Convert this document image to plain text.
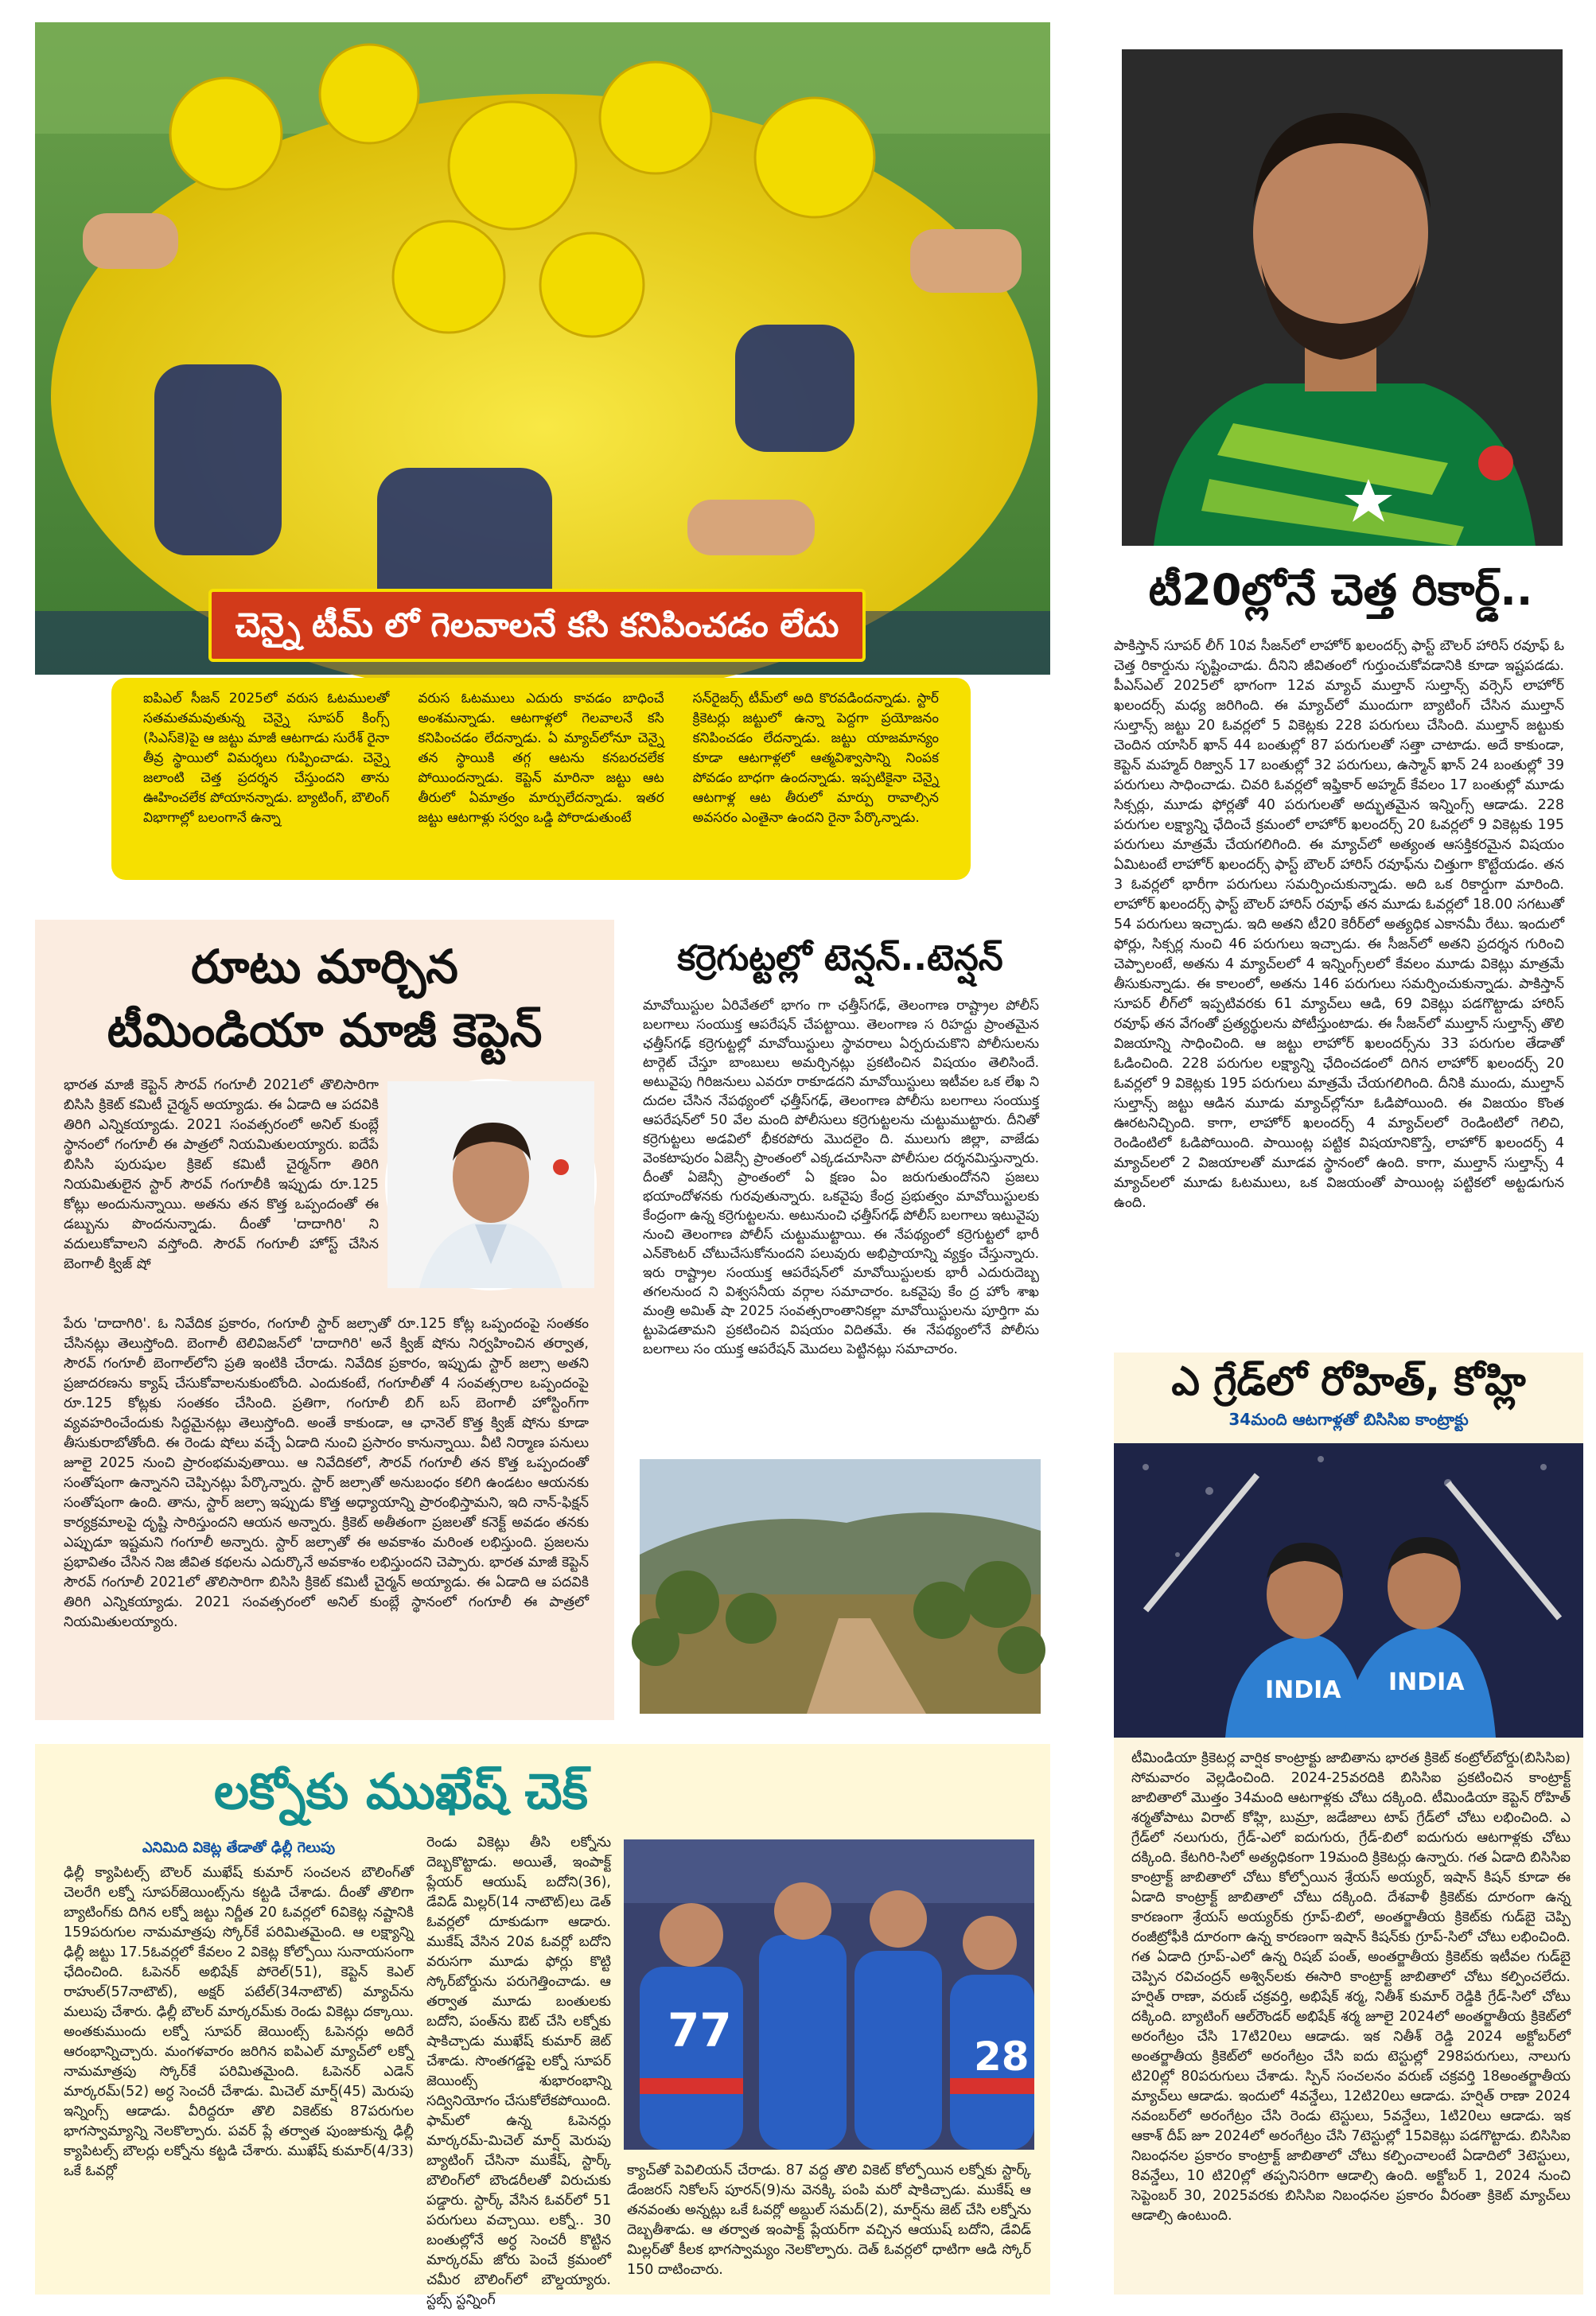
చెన్నై టీమ్ లో గెలవాలనే కసి కనిపించడం లేదు
ఐపిఎల్ సీజన్ 2025లో వరుస ఓటములతో సతమతమవుతున్న చెన్నై సూపర్ కింగ్స్ (సిఎస్‌కె)పై ఆ జట్టు మాజీ ఆటగాడు సురేశ్ రైనా తీవ్ర స్థాయిలో విమర్శలు గుప్పించాడు. చెన్నై జలాంటి చెత్త ప్రదర్శన చేస్తుందని తాను ఊహించలేక పోయానన్నాడు. బ్యాటింగ్, బౌలింగ్ విభాగాల్లో బలంగానే ఉన్నా
వరుస ఓటములు ఎదురు కావడం బాధించే అంశమన్నాడు. ఆటగాళ్లలో గెలవాలనే కసి కనిపించడం లేదన్నాడు. ఏ మ్యాచ్‌లోనూ చెన్నై తన స్థాయికి తగ్గ ఆటను కనబరచలేక పోయిందన్నాడు. కెప్టెన్ మారినా జట్టు ఆట తీరులో ఏమాత్రం మార్పులేదన్నాడు. ఇతర జట్టు ఆటగాళ్లు సర్వం ఒడ్డి పోరాడుతుంటే
సన్‌రైజర్స్ టీమ్‌లో అది కొరవడిందన్నాడు. స్టార్ క్రికెటర్లు జట్టులో ఉన్నా పెద్దగా ప్రయోజనం కనిపించడం లేదన్నాడు. జట్టు యాజమాన్యం కూడా ఆటగాళ్లలో ఆత్మవిశ్వాసాన్ని నింపక పోవడం బాధగా ఉందన్నాడు. ఇప్పటికైనా చెన్నై ఆటగాళ్ల ఆట తీరులో మార్పు రావాల్సిన అవసరం ఎంతైనా ఉందని రైనా పేర్కొన్నాడు.
రూటు మార్చిన
టీమిండియా మాజీ కెప్టెన్
భారత మాజీ కెప్టెన్ సౌరవ్ గంగూలీ 2021లో తొలిసారిగా బిసిసి క్రికెట్ కమిటీ చైర్మన్ అయ్యాడు. ఈ ఏడాది ఆ పదవికి తిరిగి ఎన్నికయ్యాడు. 2021 సంవత్సరంలో అనిల్ కుంబ్లే స్థానంలో గంగూలీ ఈ పాత్రలో నియమితులయ్యారు. ఐదేపే బిసిసి పురుషుల క్రికెట్ కమిటీ చైర్మన్‌గా తిరిగి నియమితులైన స్టార్ సౌరవ్ గంగూలీకి ఇప్పుడు రూ.125 కోట్లు అందునున్నాయి. అతను తన కొత్త ఒప్పందంతో ఈ డబ్బును పొందనున్నాడు. దీంతో 'దాదాగిరి' ని వదులుకోవాలని వస్తోంది. సౌరవ్ గంగూలీ హోస్ట్ చేసిన బెంగాలీ క్విజ్ షో
పేరు 'దాదాగిరి'. ఓ నివేదిక ప్రకారం, గంగూలీ స్టార్ జల్సాతో రూ.125 కోట్ల ఒప్పందంపై సంతకం చేసినట్లు తెలుస్తోంది. బెంగాలీ టెలివిజన్‌లో 'దాదాగిరి' అనే క్విజ్ షోను నిర్వహించిన తర్వాత, సౌరవ్ గంగూలీ బెంగాల్‌లోని ప్రతి ఇంటికి చేరాడు. నివేదిక ప్రకారం, ఇప్పుడు స్టార్ జల్సా అతని ప్రజాదరణను క్యాష్ చేసుకోవాలనుకుంటోంది. ఎందుకంటే, గంగూలీతో 4 సంవత్సరాల ఒప్పందంపై రూ.125 కోట్లకు సంతకం చేసింది. ప్రతిగా, గంగూలీ బిగ్ బస్ బెంగాలీ హోస్టింగ్‌గా వ్యవహరించేందుకు సిద్ధమైనట్లు తెలుస్తోంది. అంతే కాకుండా, ఆ ఛానెల్ కొత్త క్విజ్ షోను కూడా తీసుకురాబోతోంది. ఈ రెండు షోలు వచ్చే ఏడాది నుంచి ప్రసారం కానున్నాయి. వీటి నిర్మాణ పనులు జూలై 2025 నుంచి ప్రారంభమవుతాయి. ఆ నివేదికలో, సౌరవ్ గంగూలీ తన కొత్త ఒప్పందంతో సంతోషంగా ఉన్నానని చెప్పినట్లు పేర్కొన్నారు. స్టార్ జల్సాతో అనుబంధం కలిగి ఉండటం ఆయనకు సంతోషంగా ఉంది. తాను, స్టార్ జల్సా ఇప్పుడు కొత్త అధ్యాయాన్ని ప్రారంభిస్తామని, ఇది నాన్-ఫిక్షన్ కార్యక్రమాలపై దృష్టి సారిస్తుందని ఆయన అన్నారు. క్రికెట్ అతీతంగా ప్రజలతో కనెక్ట్ అవడం తనకు ఎప్పుడూ ఇష్టమని గంగూలీ అన్నారు. స్టార్ జల్సాతో ఈ అవకాశం మరింత లభిస్తుంది. ప్రజలను ప్రభావితం చేసిన నిజ జీవిత కథలను ఎదుర్కొనే అవకాశం లభిస్తుందని చెప్పారు. భారత మాజీ కెప్టెన్ సౌరవ్ గంగూలీ 2021లో తొలిసారిగా బిసిసి క్రికెట్ కమిటీ చైర్మన్ అయ్యాడు. ఈ ఏడాది ఆ పదవికి తిరిగి ఎన్నికయ్యాడు. 2021 సంవత్సరంలో అనిల్ కుంబ్లే స్థానంలో గంగూలీ ఈ పాత్రలో నియమితులయ్యారు.
కర్రెగుట్టల్లో టెన్షన్..టెన్షన్
మావోయిస్టుల ఏరివేతలో భాగం గా ఛత్తీస్‌గఢ్, తెలంగాణ రాష్ట్రాల పోలీస్ బలగాలు సంయుక్త ఆపరేషన్ చేపట్టాయి. తెలంగాణ స రిహద్దు ప్రాంతమైన ఛత్తీస్‌గఢ్ కర్రెగుట్టల్లో మావోయిస్టులు స్థావరాలు ఏర్పరుచుకొని పోలీసులను టార్గెట్ చేస్తూ బాంబులు అమర్చినట్లు ప్రకటించిన విషయం తెలిసిందే. అటువైపు గిరిజనులు ఎవరూ రాకూడదని మావోయిస్టులు ఇటీవల ఒక లేఖ ని దుదల చేసిన నేపథ్యంలో ఛత్తీస్‌గఢ్, తెలంగాణ పోలీసు బలగాలు సంయుక్త ఆపరేషన్‌లో 50 వేల మంది పోలీసులు కర్రెగుట్టలను చుట్టుముట్టారు. దీనితో కర్రెగుట్టలు అడవిలో భీకరపోరు మొదలైం ది. ములుగు జిల్లా, వాజేడు వెంకటాపురం ఏజెన్సీ ప్రాంతంలో ఎక్కడచూసినా పోలీసుల దర్శనమిస్తున్నారు. దీంతో ఏజెన్సీ ప్రాంతంలో ఏ క్షణం ఏం జరుగుతుందోనని ప్రజలు భయాందోళనకు గురవుతున్నారు. ఒకవైపు కేంద్ర ప్రభుత్వం మావోయిస్టులకు కేంద్రంగా ఉన్న కర్రెగుట్టలను. అటునుంచి ఛత్తీస్‌గఢ్ పోలీస్ బలగాలు ఇటువైపు నుంచి తెలంగాణ పోలీస్ చుట్టుముట్టాయి. ఈ నేపథ్యంలో కర్రెగుట్టలో భారీ ఎన్‌కౌంటర్ చోటుచేసుకోనుందని పలువురు అభిప్రాయాన్ని వ్యక్తం చేస్తున్నారు. ఇరు రాష్ట్రాల సంయుక్త ఆపరేషన్‌లో మావోయిస్టులకు భారీ ఎదురుదెబ్బ తగలనుంద ని విశ్వసనీయ వర్గాల సమాచారం. ఒకవైపు కేం ద్ర హోం శాఖ మంత్రి అమిత్ షా 2025 సంవత్సరాంతానికల్లా మావోయిస్టులను పూర్తిగా మ ట్టుపెడతామని ప్రకటించిన విషయం విదితమే. ఈ నేపథ్యంలోనే పోలీసు బలగాలు సం యుక్త ఆపరేషన్ మొదలు పెట్టినట్లు సమాచారం.
లక్నోకు ముఖేష్ చెక్
ఎనిమిది వికెట్ల తేడాతో ఢిల్లీ గెలుపు
ఢిల్లీ క్యాపిటల్స్ బౌలర్ ముఖేష్ కుమార్ సంచలన బౌలింగ్‌తో చెలరేగి లక్నో సూపర్‌జెయింట్స్‌ను కట్టడి చేశాడు. దీంతో తొలిగా బ్యాటింగ్‌కు దిగిన లక్నో జట్టు నిర్ణీత 20 ఓవర్లలో 6వికెట్ల నష్టానికి 159పరుగుల నామమాత్రపు స్కోర్‌కే పరిమితమైంది. ఆ లక్ష్యాన్ని ఢిల్లీ జట్టు 17.5ఓవర్లలో కేవలం 2 వికెట్ల కోల్పోయి సునాయసంగా ఛేదించింది. ఓపెనర్ అభిషేక్ పోరెల్(51), కెప్టెన్ కెఎల్ రాహుల్(57నాటౌట్), అక్షర్ పటేల్(34నాటౌట్) మ్యాచ్‌ను మలుపు చేశారు. ఢిల్లీ బౌలర్ మార్కరమ్‌కు రెండు వికెట్లు దక్కాయి. అంతకుముందు లక్నో సూపర్ జెయింట్స్ ఓపెనర్లు అదిరే ఆరంభాన్నిచ్చారు. మంగళవారం జరిగిన ఐపిఎల్ మ్యాచ్‌లో లక్నో నామమాత్రపు స్కోర్‌కే పరిమితమైంది. ఓపెనర్ ఎడెన్ మార్కరమ్(52) అర్ధ సెంచరీ చేశాడు. మిచెల్ మార్ష్(45) మెరుపు ఇన్నింగ్స్ ఆడాడు. వీరిద్దరూ తొలి వికెట్‌కు 87పరుగుల భాగస్వామ్యాన్ని నెలకొల్పారు. పవర్ ప్లే తర్వాత పుంజుకున్న ఢిల్లీ క్యాపిటల్స్ బౌలర్లు లక్నోను కట్టడి చేశారు. ముఖేష్ కుమార్(4/33) ఒకే ఓవర్లో
రెండు వికెట్లు తీసి లక్నోను దెబ్బకొట్టాడు. అయితే, ఇంపాక్ట్ ప్లేయర్ ఆయుష్ బదోని(36), డేవిడ్ మిల్లర్(14 నాటౌట్)లు డెత్ ఓవర్లలో దూకుడుగా ఆడారు. ముకేష్ వేసిన 20వ ఓవర్లో బదోని వరుసగా మూడు ఫోర్లు కొట్టి స్కోర్‌బోర్డును పరుగెత్తించాడు. ఆ తర్వాత మూడు బంతులకు బదోని, పంత్‌ను ఔట్ చేసి లక్నోకు షాకిచ్చాడు ముఖేష్ కుమార్ జెట్ చేశాడు. సొంతగడ్డపై లక్నో సూపర్ జెయింట్స్ శుభారంభాన్ని సద్వినియోగం చేసుకోలేకపోయింది. ఫామ్‌లో ఉన్న ఓపెనర్లు మార్కరమ్-మిచెల్ మార్ష్ మెరుపు బ్యాటింగ్ చేసినా ముకేష్, స్టార్క్ బౌలింగ్‌లో బౌండరీలతో విరుచుకు పడ్డారు. స్టార్క్ వేసిన ఓవర్‌లో 51 పరుగులు వచ్చాయి. లక్నో.. 30 బంతుల్లోనే అర్ధ సెంచరీ కొట్టిన మార్కరమ్ జోరు పెంచే క్రమంలో చమీర బౌలింగ్‌లో బౌల్డయ్యారు. స్టబ్స్ స్టన్నింగ్
77	28
క్యాచ్‌తో పెవిలియన్ చేరాడు. 87 వద్ద తొలి వికెట్ కోల్పోయిన లక్నోకు స్టార్క్ డేంజరస్ నికోలస్ పూరన్(9)ను వెనక్కి పంపి మరో షాకిచ్చాడు. ముకేష్ ఆ తనవంతు అన్నట్లు ఒకే ఓవర్లో అబ్దుల్ సమద్(2), మార్ష్‌ను జెట్ చేసి లక్నోను దెబ్బతీశాడు. ఆ తర్వాత ఇంపాక్ట్ ప్లేయర్‌గా వచ్చిన ఆయుష్ బదోని, డేవిడ్ మిల్లర్‌తో కీలక భాగస్వామ్యం నెలకొల్పారు. దెత్ ఓవర్లలో ధాటిగా ఆడి స్కోర్ 150 దాటించారు.
టీ20ల్లోనే చెత్త రికార్డ్..
పాకిస్తాన్ సూపర్ లీగ్ 10వ సీజన్‌లో లాహోర్ ఖలందర్స్ ఫాస్ట్ బౌలర్ హారిస్ రవూఫ్ ఓ చెత్త రికార్డును సృష్టించాడు. దీనిని జీవితంలో గుర్తుంచుకోవడానికి కూడా ఇష్టపడడు. పీఎస్ఎల్ 2025లో భాగంగా 12వ మ్యాచ్ ముల్తాన్ సుల్తాన్స్ వర్సెస్ లాహోర్ ఖలందర్స్ మధ్య జరిగింది. ఈ మ్యాచ్‌లో ముందుగా బ్యాటింగ్ చేసిన ముల్తాన్ సుల్తాన్స్ జట్టు 20 ఓవర్లలో 5 వికెట్లకు 228 పరుగులు చేసింది. ముల్తాన్ జట్టుకు చెందిన యాసిర్ ఖాన్ 44 బంతుల్లో 87 పరుగులతో సత్తా చాటాడు. అదే కాకుండా, కెప్టెన్ మహ్మద్ రిజ్వాన్ 17 బంతుల్లో 32 పరుగులు, ఉస్మాన్ ఖాన్ 24 బంతుల్లో 39 పరుగులు సాధించాడు. చివరి ఓవర్లలో ఇఫ్తికార్ అహ్మద్ కేవలం 17 బంతుల్లో మూడు సిక్సర్లు, మూడు ఫోర్లతో 40 పరుగులతో అద్భుతమైన ఇన్నింగ్స్ ఆడాడు. 228 పరుగుల లక్ష్యాన్ని ఛేదించే క్రమంలో లాహోర్ ఖలందర్స్ 20 ఓవర్లలో 9 వికెట్లకు 195 పరుగులు మాత్రమే చేయగలిగింది. ఈ మ్యాచ్‌లో అత్యంత ఆసక్తికరమైన విషయం ఏమిటంటే లాహోర్ ఖలందర్స్ ఫాస్ట్ బౌలర్ హారిస్ రవూఫ్‌ను చిత్తుగా కొట్టేయడం. తన 3 ఓవర్లలో భారీగా పరుగులు సమర్పించుకున్నాడు. అది ఒక రికార్డుగా మారింది. లాహోర్ ఖలందర్స్ ఫాస్ట్ బౌలర్ హారిస్ రవూఫ్ తన మూడు ఓవర్లలో 18.00 సగటుతో 54 పరుగులు ఇచ్చాడు. ఇది అతని టీ20 కెరీర్‌లో అత్యధిక ఎకానమీ రేటు. ఇందులో ఫోర్లు, సిక్సర్ల నుంచి 46 పరుగులు ఇచ్చాడు. ఈ సీజన్‌లో అతని ప్రదర్శన గురించి చెప్పాలంటే, అతను 4 మ్యాచ్‌లలో 4 ఇన్నింగ్స్‌లలో కేవలం మూడు వికెట్లు మాత్రమే తీసుకున్నాడు. ఈ కాలంలో, అతను 146 పరుగులు సమర్పించుకున్నాడు. పాకిస్తాన్ సూపర్ లీగ్‌లో ఇప్పటివరకు 61 మ్యాచ్‌లు ఆడి, 69 వికెట్లు పడగొట్టాడు హారిస్ రవూఫ్ తన వేగంతో ప్రత్యర్థులను పోటీస్తుంటాడు. ఈ సీజన్‌లో ముల్తాన్ సుల్తాన్స్ తొలి విజయాన్ని సాధించింది. ఆ జట్టు లాహోర్ ఖలందర్స్‌ను 33 పరుగుల తేడాతో ఓడించింది. 228 పరుగుల లక్ష్యాన్ని ఛేదించడంలో దిగిన లాహోర్ ఖలందర్స్ 20 ఓవర్లలో 9 వికెట్లకు 195 పరుగులు మాత్రమే చేయగలిగింది. దీనికి ముందు, ముల్తాన్ సుల్తాన్స్ జట్టు ఆడిన మూడు మ్యాచ్‌ల్లోనూ ఓడిపోయింది. ఈ విజయం కొంత ఊరటనిచ్చింది. కాగా, లాహోర్ ఖలందర్స్ 4 మ్యాచ్‌లలో రెండింటిలో గెలిచి, రెండింటిలో ఓడిపోయింది. పాయింట్ల పట్టిక విషయానికొస్తే, లాహోర్ ఖలందర్స్ 4 మ్యాచ్‌లలో 2 విజయాలతో మూడవ స్థానంలో ఉంది. కాగా, ముల్తాన్ సుల్తాన్స్ 4 మ్యాచ్‌లలో మూడు ఓటములు, ఒక విజయంతో పాయింట్ల పట్టికలో అట్టడుగున ఉంది.
ఎ గ్రేడ్‌లో రోహిత్, కోహ్లి
34మంది ఆటగాళ్లతో బిసిసిఐ కాంట్రాక్టు
INDIA INDIA
టీమిండియా క్రికెటర్ల వార్షిక కాంట్రాక్టు జాబితాను భారత క్రికెట్ కంట్రోల్‌బోర్డు(బిసిసిఐ) సోమవారం వెల్లడించింది. 2024-25వరదికి బిసిసిఐ ప్రకటించిన కాంట్రాక్ట్ జాబితాలో మొత్తం 34మంది ఆటగాళ్లకు చోటు దక్కింది. టీమిండియా కెప్టెన్ రోహిత్ శర్మతోపాటు విరాట్ కోహ్లి, బుమ్రా, జడేజాలు టాప్ గ్రేడ్‌లో చోటు లభించింది. ఎ గ్రేడ్‌లో నలుగురు, గ్రేడ్-ఎలో ఐదుగురు, గ్రేడ్-బిలో ఐదుగురు ఆటగాళ్లకు చోటు దక్కింది. కేటగిరి-సిలో అత్యధికంగా 19మంది క్రికెటర్లు ఉన్నారు. గత ఏడాది బిసిసిఐ కాంట్రాక్ట్ జాబితాలో చోటు కోల్పోయిన శ్రేయస్ అయ్యర్, ఇషాన్ కిషన్ కూడా ఈ ఏడాది కాంట్రాక్ట్ జాబితాలో చోటు దక్కింది. దేశవాళీ క్రికెట్‌కు దూరంగా ఉన్న కారణంగా శ్రేయస్ అయ్యర్‌కు గ్రూప్-బిలో, అంతర్జాతీయ క్రికెట్‌కు గుడ్‌బై చెప్పి రంజీట్రోఫీకి దూరంగా ఉన్న కారణంగా ఇషాన్ కిషన్‌కు గ్రూప్-సిలో చోటు లభించింది. గత ఏడాది గ్రూప్-ఎలో ఉన్న రిషబ్ పంత్, అంతర్జాతీయ క్రికెట్‌కు ఇటీవల గుడ్‌బై చెప్పిన రవిచంద్రన్ అశ్విన్‌లకు ఈసారి కాంట్రాక్ట్ జాబితాలో చోటు కల్పించలేదు. హర్షిత్ రాణా, వరుణ్ చక్రవర్తి, అభిషేక్ శర్మ, నితీశ్ కుమార్ రెడ్డికి గ్రేడ్-సిలో చోటు దక్కింది. బ్యాటింగ్ ఆల్‌రౌండర్ అభిషేక్ శర్మ జూలై 2024లో అంతర్జాతీయ క్రికెట్‌లో అరంగేట్రం చేసి 17టి20లు ఆడాడు. ఇక నితీశ్ రెడ్డి 2024 అక్టోబర్‌లో అంతర్జాతీయ క్రికెట్‌లో అరంగేట్రం చేసి ఐదు టెస్టుల్లో 298పరుగులు, నాలుగు టి20ల్లో 80పరుగులు చేశాడు. స్పిన్ సంచలనం వరుణ్ చక్రవర్తి 18అంతర్జాతీయ మ్యాచ్‌లు ఆడాడు. ఇందులో 4వన్డేలు, 12టి20లు ఆడాడు. హర్షిత్ రాణా 2024 నవంబర్‌లో అరంగేట్రం చేసి రెండు టెస్టులు, 5వన్డేలు, 1టి20లు ఆడాడు. ఇక ఆకాశ్ దీప్ జూ 2024లో అరంగేట్రం చేసి 7టెస్టుల్లో 15వికెట్లు పడగొట్టాడు. బిసిసిఐ నిబంధనల ప్రకారం కాంట్రాక్ట్ జాబితాలో చోటు కల్పించాలంటే ఏడాదిలో 3టెస్టులు, 8వన్డేలు, 10 టి20ల్లో తప్పనిసరిగా ఆడాల్సి ఉంది. అక్టోబర్ 1, 2024 నుంచి సెప్టెంబర్ 30, 2025వరకు బిసిసిఐ నిబంధనల ప్రకారం వీరంతా క్రికెట్ మ్యాచ్‌లు ఆడాల్సి ఉంటుంది.
